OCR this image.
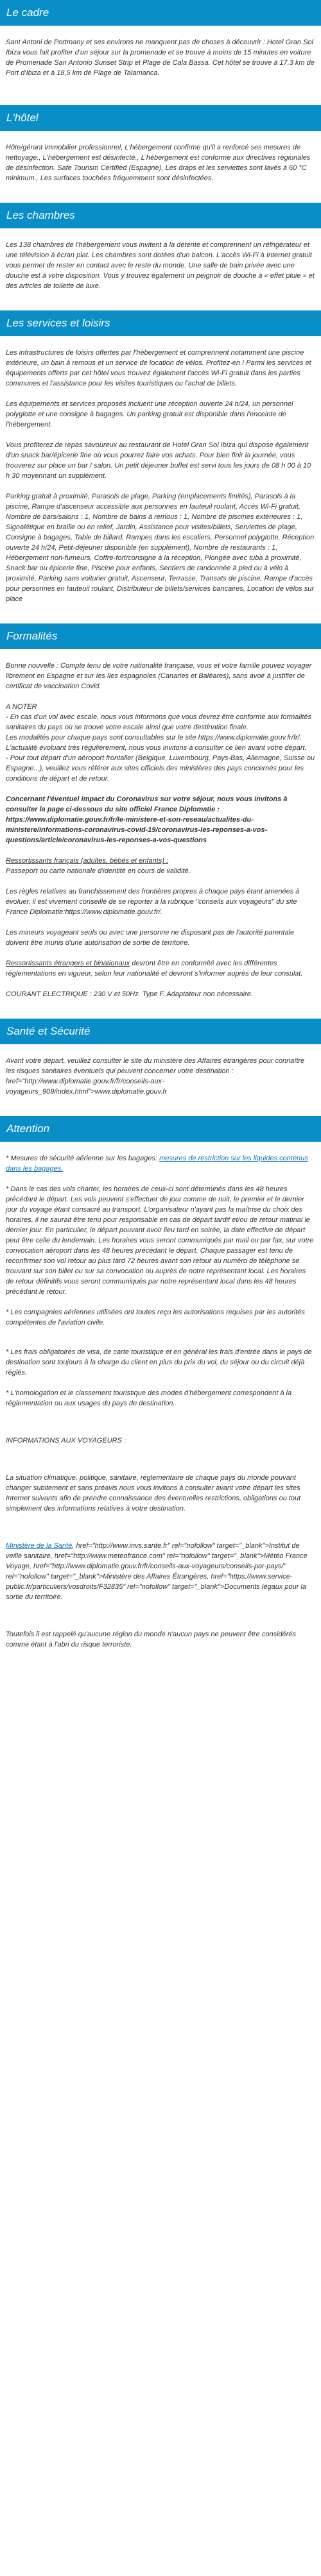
Le cadre

Sant Antoni de Portmany et ses environs ne manquent pas de choses à découvrir : Hotel Gran Sol Ibiza vous fait profiter d'un séjour sur la promenade et se trouve à moins de 15 minutes en voiture de Promenade San Antonio Sunset Strip et Plage de Cala Bassa. Cet hôtel se trouve à 17,3 km de Port d'Ibiza et à 18,5 km de Plage de Talamanca.

L'hôtel

Hôte/gérant immobilier professionnel, L'hébergement confirme qu'il a renforcé ses mesures de nettoyage., L'hébergement est désinfecté., L'hébergement est conforme aux directives régionales de désinfection. Safe Tourism Certified (Espagne), Les draps et les serviettes sont lavés à 60 °C minimum., Les surfaces touchées fréquemment sont désinfectées.

Les chambres

Les 138 chambres de l'hébergement vous invitent à la détente et comprennent un réfrigérateur et une télévision à écran plat. Les chambres sont dotées d'un balcon. L'accès Wi-Fi à Internet gratuit vous permet de rester en contact avec le reste du monde. Une salle de bain privée avec une douche est à votre disposition. Vous y trouvez également un peignoir de douche à « effet pluie » et des articles de toilette de luxe.

Les services et loisirs

Les infrastructures de loisirs offertes par l'hébergement et comprennent notamment une piscine extérieure, un bain à remous et un service de location de vélos. Profitez-en ! Parmi les services et équipements offerts par cet hôtel vous trouvez également l'accès Wi-Fi gratuit dans les parties communes et l'assistance pour les visites touristiques ou l'achat de billets.

Les équipements et services proposés incluent une réception ouverte 24 h/24, un personnel polyglotte et une consigne à bagages. Un parking gratuit est disponible dans l'enceinte de l'hébergement.

Vous profiterez de repas savoureux au restaurant de Hotel Gran Sol Ibiza qui dispose également d'un snack bar/épicerie fine où vous pourrez faire vos achats. Pour bien finir la journée, vous trouverez sur place un bar / salon. Un petit déjeuner buffet est servi tous les jours de 08 h 00 à 10 h 30 moyennant un supplément.

Parking gratuit à proximité, Parasols de plage, Parking (emplacements limités), Parasols à la piscine, Rampe d'ascenseur accessible aux personnes en fauteuil roulant, Accès Wi-Fi gratuit, Nombre de bars/salons : 1, Nombre de bains à remous : 1, Nombre de piscines extérieures : 1, Signalétique en braille ou en relief, Jardin, Assistance pour visites/billets, Serviettes de plage, Consigne à bagages, Table de billard, Rampes dans les escaliers, Personnel polyglotte, Réception ouverte 24 h/24, Petit-déjeuner disponible (en supplément), Nombre de restaurants : 1, Hébergement non-fumeurs, Coffre-fort/consigne à la réception, Plongée avec tuba à proximité, Snack bar ou épicerie fine, Piscine pour enfants, Sentiers de randonnée à pied ou à vélo à proximité, Parking sans voiturier gratuit, Ascenseur, Terrasse, Transats de piscine, Rampe d'accès pour personnes en fauteuil roulant, Distributeur de billets/services bancaires, Location de vélos sur place

Formalités

Bonne nouvelle : Compte tenu de votre nationalité française, vous et votre famille pouvez voyager librement en Espagne et sur les îles espagnoles (Canaries et Baléares), sans avoir à justifier de certificat de vaccination Covid.

A NOTER
- En cas d'un vol avec escale, nous vous informons que vous devrez être conforme aux formalités sanitaires du pays où se trouve votre escale ainsi que votre destination finale.
Les modalités pour chaque pays sont consultables sur le site https://www.diplomatie.gouv.fr/fr/. L'actualité évoluant très régulièrement, nous vous invitons à consulter ce lien avant votre départ.
- Pour tout départ d'un aéroport frontalier (Belgique, Luxembourg, Pays-Bas, Allemagne, Suisse ou Espagne...), veuillez vous référer aux sites officiels des ministères des pays concernés pour les conditions de départ et de retour.

Concernant l'éventuel impact du Coronavirus sur votre séjour, nous vous invitons à consulter la page ci-dessous du site officiel France Diplomatie : https://www.diplomatie.gouv.fr/fr/le-ministere-et-son-reseau/actualites-du-ministere/informations-coronavirus-covid-19/coronavirus-les-reponses-a-vos-questions/article/coronavirus-les-reponses-a-vos-questions

Ressortissants français (adultes, bébés et enfants) :
Passeport ou carte nationale d'identité en cours de validité.

Les règles relatives au franchissement des frontières propres à chaque pays étant amenées à évoluer, il est vivement conseillé de se reporter à la rubrique "conseils aux voyageurs" du site France Diplomatie:https://www.diplomatie.gouv.fr/.

Les mineurs voyageant seuls ou avec une personne ne disposant pas de l'autorité parentale doivent être munis d'une autorisation de sortie de territoire.

Ressortissants étrangers et binationaux devront être en conformité avec les différentes réglementations en vigueur, selon leur nationalité et devront s'informer auprès de leur consulat.

COURANT ELECTRIQUE : 230 V et 50Hz. Type F. Adaptateur non nécessaire.

Santé et Sécurité

Avant votre départ, veuillez consulter le site du ministère des Affaires étrangères pour connaître les risques sanitaires éventuels qui peuvent concerner votre destination : href="http://www.diplomatie.gouv.fr/fr/conseils-aux-voyageurs_909/index.html">www.diplomatie.gouv.fr

Attention

* Mesures de sécurité aérienne sur les bagages: mesures de restriction sur les liquides contenus dans les bagages.

* Dans le cas des vols charter, les horaires de ceux-ci sont déterminés dans les 48 heures précédant le départ. Les vols peuvent s'effectuer de jour comme de nuit, le premier et le dernier jour du voyage étant consacré au transport. L'organisateur n'ayant pas la maîtrise du choix des horaires, il ne saurait être tenu pour responsable en cas de départ tardif et/ou de retour matinal le dernier jour. En particulier, le départ pouvant avoir lieu tard en soirée, la date effective de départ peut être celle du lendemain. Les horaires vous seront communiqués par mail ou par fax, sur votre convocation aéroport dans les 48 heures précédant le départ. Chaque passager est tenu de reconfirmer son vol retour au plus tard 72 heures avant son retour au numéro de téléphone se trouvant sur son billet ou sur sa convocation ou auprès de notre représentant local. Les horaires de retour définitifs vous seront communiqués par notre représentant local dans les 48 heures précédant le retour.

* Les compagnies aériennes utilisées ont toutes reçu les autorisations requises par les autorités compétentes de l'aviation civile.

* Les frais obligatoires de visa, de carte touristique et en général les frais d'entrée dans le pays de destination sont toujours à la charge du client en plus du prix du vol, du séjour ou du circuit déjà réglés.

* L'homologation et le classement touristique des modes d'hébergement correspondent à la réglementation ou aux usages du pays de destination.

INFORMATIONS AUX VOYAGEURS :

La situation climatique, politique, sanitaire, réglementaire de chaque pays du monde pouvant changer subitement et sans préavis nous vous invitons à consulter avant votre départ les sites Internet suivants afin de prendre connaissance des éventuelles restrictions, obligations ou tout simplement des informations relatives à votre destination.

Ministère de la Santé, href="http://www.invs.sante.fr" rel="nofollow" target="_blank">Institut de veille sanitaire, href="http://www.meteofrance.com" rel="nofollow" target="_blank">Météo France Voyage, href="http://www.diplomatie.gouv.fr/fr/conseils-aux-voyageurs/conseils-par-pays/" rel="nofollow" target="_blank">Ministère des Affaires Étrangères, href="https://www.service-public.fr/particuliers/vosdroits/F32835" rel="nofollow" target="_blank">Documents légaux pour la sortie du territoire.

Toutefois il est rappelé qu'aucune région du monde n'aucun pays ne peuvent être considérés comme étant à l'abri du risque terroriste.
